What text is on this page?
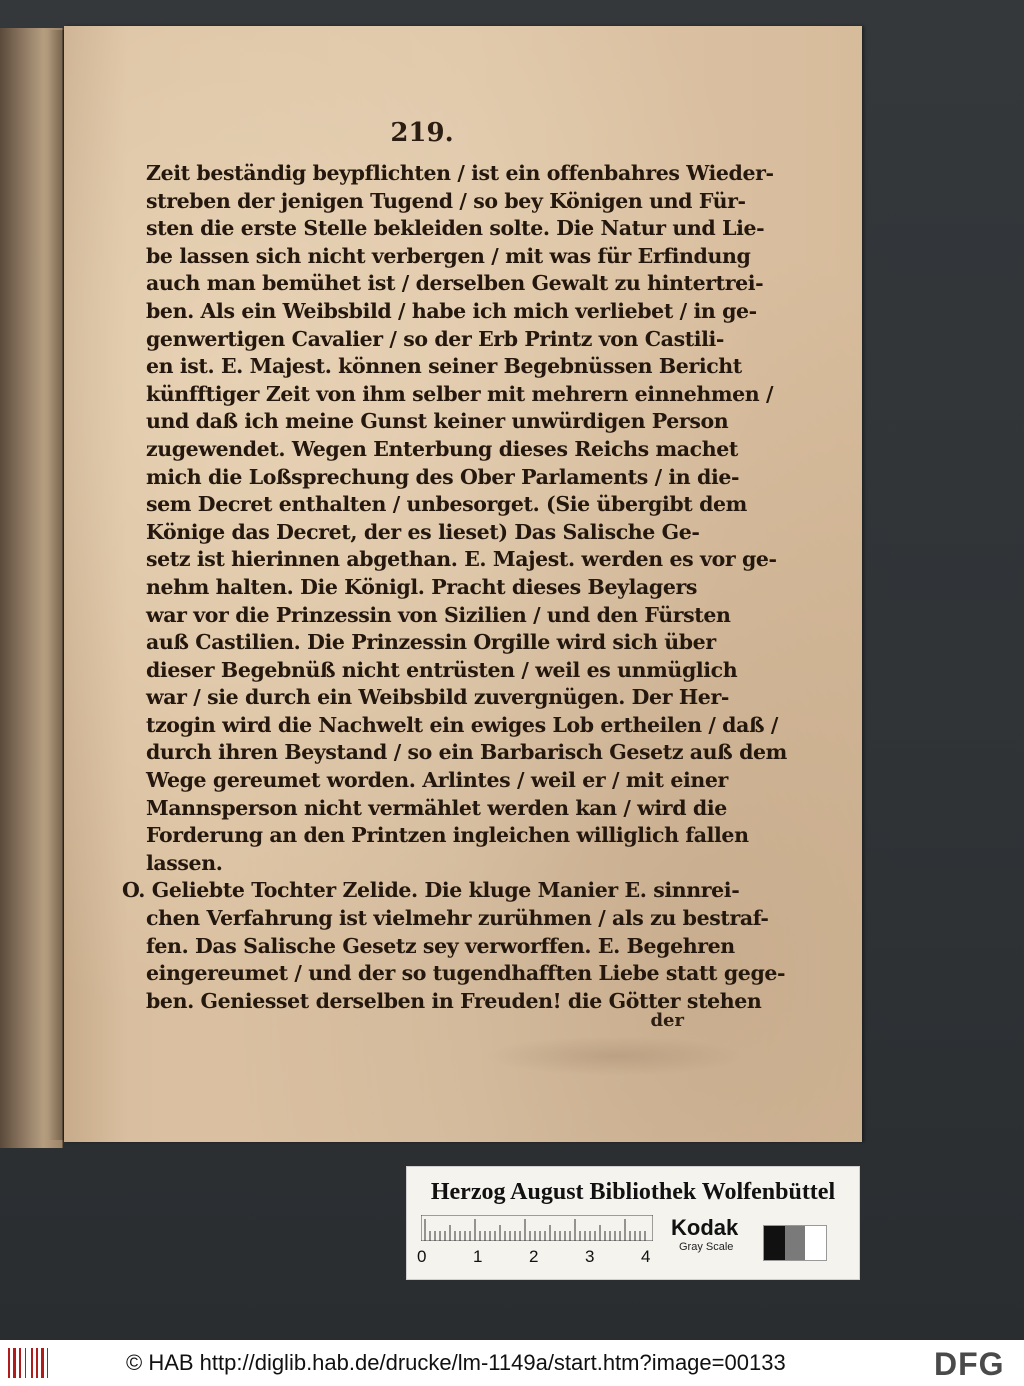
219.
Zeit beständig beypflichten / ist ein offenbahres Wieder-
streben der jenigen Tugend / so bey Königen und Für-
sten die erste Stelle bekleiden solte. Die Natur und Lie-
be lassen sich nicht verbergen / mit was für Erfindung
auch man bemühet ist / derselben Gewalt zu hintertrei-
ben. Als ein Weibsbild / habe ich mich verliebet / in ge-
genwertigen Cavalier / so der Erb Printz von Castili-
en ist. E. Majest. können seiner Begebnüssen Bericht
künfftiger Zeit von ihm selber mit mehrern einnehmen /
und daß ich meine Gunst keiner unwürdigen Person
zugewendet. Wegen Enterbung dieses Reichs machet
mich die Loßsprechung des Ober Parlaments / in die-
sem Decret enthalten / unbesorget. (Sie übergibt dem
Könige das Decret, der es lieset) Das Salische Ge-
setz ist hierinnen abgethan. E. Majest. werden es vor ge-
nehm halten. Die Königl. Pracht dieses Beylagers
war vor die Prinzessin von Sizilien / und den Fürsten
auß Castilien. Die Prinzessin Orgille wird sich über
dieser Begebnüß nicht entrüsten / weil es unmüglich
war / sie durch ein Weibsbild zuvergnügen. Der Her-
tzogin wird die Nachwelt ein ewiges Lob ertheilen / daß /
durch ihren Beystand / so ein Barbarisch Gesetz auß dem
Wege gereumet worden. Arlintes / weil er / mit einer
Mannsperson nicht vermählet werden kan / wird die
Forderung an den Printzen ingleichen williglich fallen
lassen.
O. Geliebte Tochter Zelide. Die kluge Manier E. sinnrei-
chen Verfahrung ist vielmehr zurühmen / als zu bestraf-
fen. Das Salische Gesetz sey verworffen. E. Begehren
eingereumet / und der so tugendhafften Liebe statt gege-
ben. Geniesset derselben in Freuden! die Götter stehen
der
Herzog August Bibliothek Wolfenbüttel
0	1	2	3	4
Kodak
Gray Scale
© HAB http://diglib.hab.de/drucke/lm-1149a/start.htm?image=00133	DFG
